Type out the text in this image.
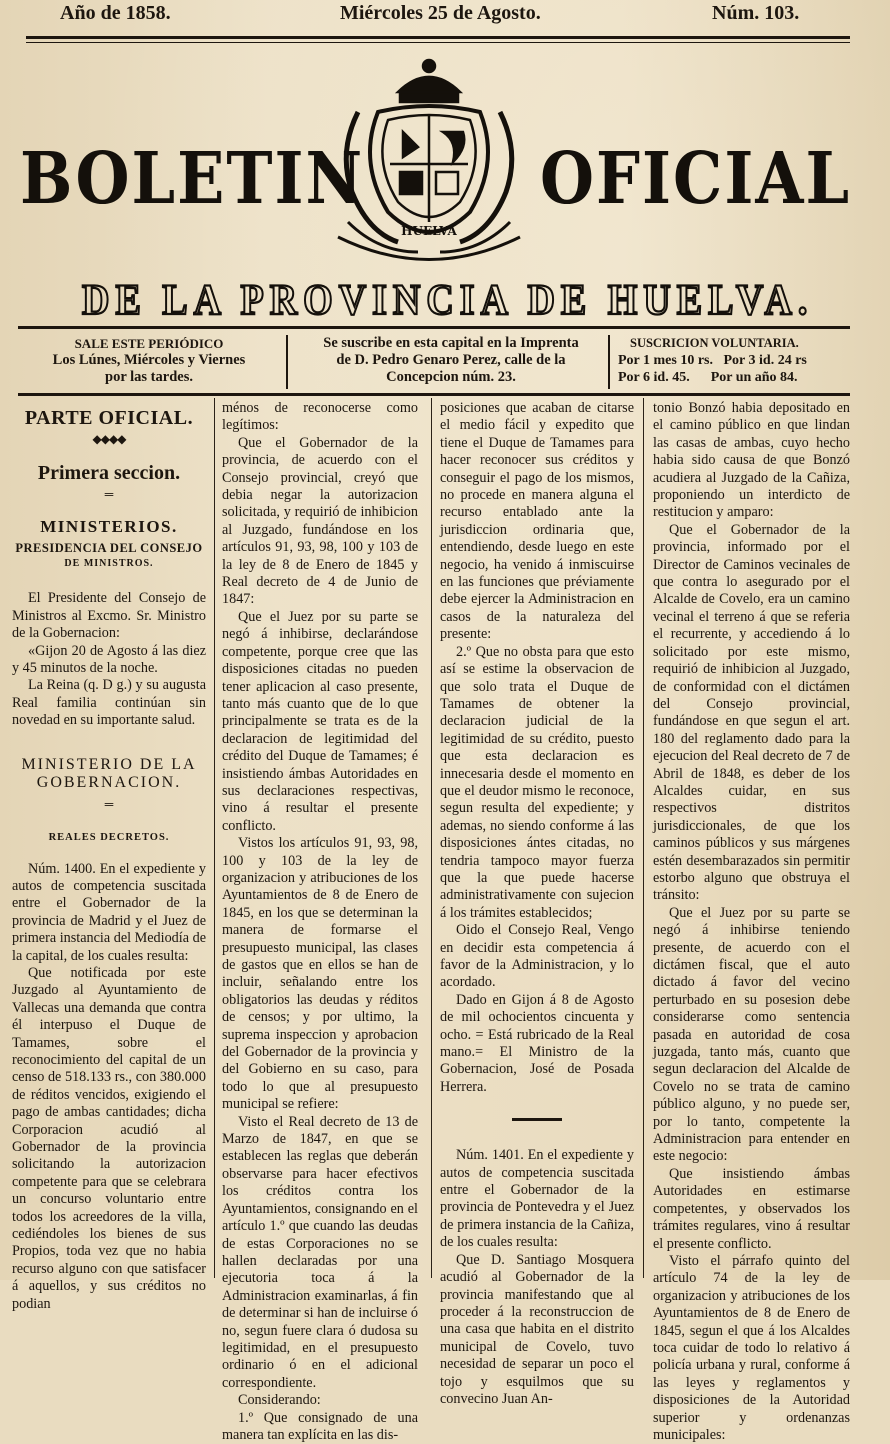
Año de 1858.	Miércoles 25 de Agosto.	Núm. 103.
BOLETIN	OFICIAL
HUELVA
DE LA PROVINCIA DE HUELVA.
SALE ESTE PERIÓDICO
Los Lúnes, Miércoles y Viernes
por las tardes.
Se suscribe en esta capital en la Imprenta
de D. Pedro Genaro Perez, calle de la
Concepcion núm. 23.
SUSCRICION VOLUNTARIA.
Por 1 mes 10 rs.   Por 3 id. 24 rs
Por 6 id. 45.      Por un año 84.
PARTE OFICIAL.
◆◆◆◆
Primera seccion.
═
MINISTERIOS.
PRESIDENCIA DEL CONSEJO
DE MINISTROS.

El Presidente del Consejo de Ministros al Excmo. Sr. Ministro de la Gobernacion:

«Gijon 20 de Agosto á las diez y 45 minutos de la noche.

La Reina (q. D g.) y su augusta Real familia continúan sin novedad en su importante salud.

MINISTERIO DE LA GOBERNACION.
═
REALES DECRETOS.

Núm. 1400. En el expediente y autos de competencia suscitada entre el Gobernador de la provincia de Madrid y el Juez de primera instancia del Mediodía de la capital, de los cuales resulta:

Que notificada por este Juzgado al Ayuntamiento de Vallecas una demanda que contra él interpuso el Duque de Tamames, sobre el reconocimiento del capital de un censo de 518.133 rs., con 380.000 de réditos vencidos, exigiendo el pago de ambas cantidades; dicha Corporacion acudió al Gobernador de la provincia solicitando la autorizacion competente para que se celebrara un concurso voluntario entre todos los acreedores de la villa, cediéndoles los bienes de sus Propios, toda vez que no habia recurso alguno con que satisfacer á aquellos, y sus créditos no podian

ménos de reconocerse como legítimos:

Que el Gobernador de la provincia, de acuerdo con el Consejo provincial, creyó que debia negar la autorizacion solicitada, y requirió de inhibicion al Juzgado, fundándose en los artículos 91, 93, 98, 100 y 103 de la ley de 8 de Enero de 1845 y Real decreto de 4 de Junio de 1847:

Que el Juez por su parte se negó á inhibirse, declarándose competente, porque cree que las disposiciones citadas no pueden tener aplicacion al caso presente, tanto más cuanto que de lo que principalmente se trata es de la declaracion de legitimidad del crédito del Duque de Tamames; é insistiendo ámbas Autoridades en sus declaraciones respectivas, vino á resultar el presente conflicto.

Vistos los artículos 91, 93, 98, 100 y 103 de la ley de organizacion y atribuciones de los Ayuntamientos de 8 de Enero de 1845, en los que se determinan la manera de formarse el presupuesto municipal, las clases de gastos que en ellos se han de incluir, señalando entre los obligatorios las deudas y réditos de censos; y por ultimo, la suprema inspeccion y aprobacion del Gobernador de la provincia y del Gobierno en su caso, para todo lo que al presupuesto municipal se refiere:

Visto el Real decreto de 13 de Marzo de 1847, en que se establecen las reglas que deberán observarse para hacer efectivos los créditos contra los Ayuntamientos, consignando en el artículo 1.º que cuando las deudas de estas Corporaciones no se hallen declaradas por una ejecutoria toca á la Administracion examinarlas, á fin de determinar si han de incluirse ó no, segun fuere clara ó dudosa su legitimidad, en el presupuesto ordinario ó en el adicional correspondiente.

Considerando:

1.º Que consignado de una manera tan explícita en las dis-

posiciones que acaban de citarse el medio fácil y expedito que tiene el Duque de Tamames para hacer reconocer sus créditos y conseguir el pago de los mismos, no procede en manera alguna el recurso entablado ante la jurisdiccion ordinaria que, entendiendo, desde luego en este negocio, ha venido á inmiscuirse en las funciones que préviamente debe ejercer la Administracion en casos de la naturaleza del presente:

2.º Que no obsta para que esto así se estime la observacion de que solo trata el Duque de Tamames de obtener la declaracion judicial de la legitimidad de su crédito, puesto que esta declaracion es innecesaria desde el momento en que el deudor mismo le reconoce, segun resulta del expediente; y ademas, no siendo conforme á las disposiciones ántes citadas, no tendria tampoco mayor fuerza que la que puede hacerse administrativamente con sujecion á los trámites establecidos;

Oido el Consejo Real, Vengo en decidir esta competencia á favor de la Administracion, y lo acordado.

Dado en Gijon á 8 de Agosto de mil ochocientos cincuenta y ocho. = Está rubricado de la Real mano.= El Ministro de la Gobernacion, José de Posada Herrera.

Núm. 1401. En el expediente y autos de competencia suscitada entre el Gobernador de la provincia de Pontevedra y el Juez de primera instancia de la Cañiza, de los cuales resulta:

Que D. Santiago Mosquera acudió al Gobernador de la provincia manifestando que al proceder á la reconstruccion de una casa que habita en el distrito municipal de Covelo, tuvo necesidad de separar un poco el tojo y esquilmos que su convecino Juan An-

tonio Bonzó habia depositado en el camino público en que lindan las casas de ambas, cuyo hecho habia sido causa de que Bonzó acudiera al Juzgado de la Cañiza, proponiendo un interdicto de restitucion y amparo:

Que el Gobernador de la provincia, informado por el Director de Caminos vecinales de que contra lo asegurado por el Alcalde de Covelo, era un camino vecinal el terreno á que se referia el recurrente, y accediendo á lo solicitado por este mismo, requirió de inhibicion al Juzgado, de conformidad con el dictámen del Consejo provincial, fundándose en que segun el art. 180 del reglamento dado para la ejecucion del Real decreto de 7 de Abril de 1848, es deber de los Alcaldes cuidar, en sus respectivos distritos jurisdiccionales, de que los caminos públicos y sus márgenes estén desembarazados sin permitir estorbo alguno que obstruya el tránsito:

Que el Juez por su parte se negó á inhibirse teniendo presente, de acuerdo con el dictámen fiscal, que el auto dictado á favor del vecino perturbado en su posesion debe considerarse como sentencia pasada en autoridad de cosa juzgada, tanto más, cuanto que segun declaracion del Alcalde de Covelo no se trata de camino público alguno, y no puede ser, por lo tanto, competente la Administracion para entender en este negocio:

Que insistiendo ámbas Autoridades en estimarse competentes, y observados los trámites regulares, vino á resultar el presente conflicto.

Visto el párrafo quinto del artículo 74 de la ley de organizacion y atribuciones de los Ayuntamientos de 8 de Enero de 1845, segun el que á los Alcaldes toca cuidar de todo lo relativo á policía urbana y rural, conforme á las leyes y reglamentos y disposiciones de la Autoridad superior y ordenanzas municipales:
